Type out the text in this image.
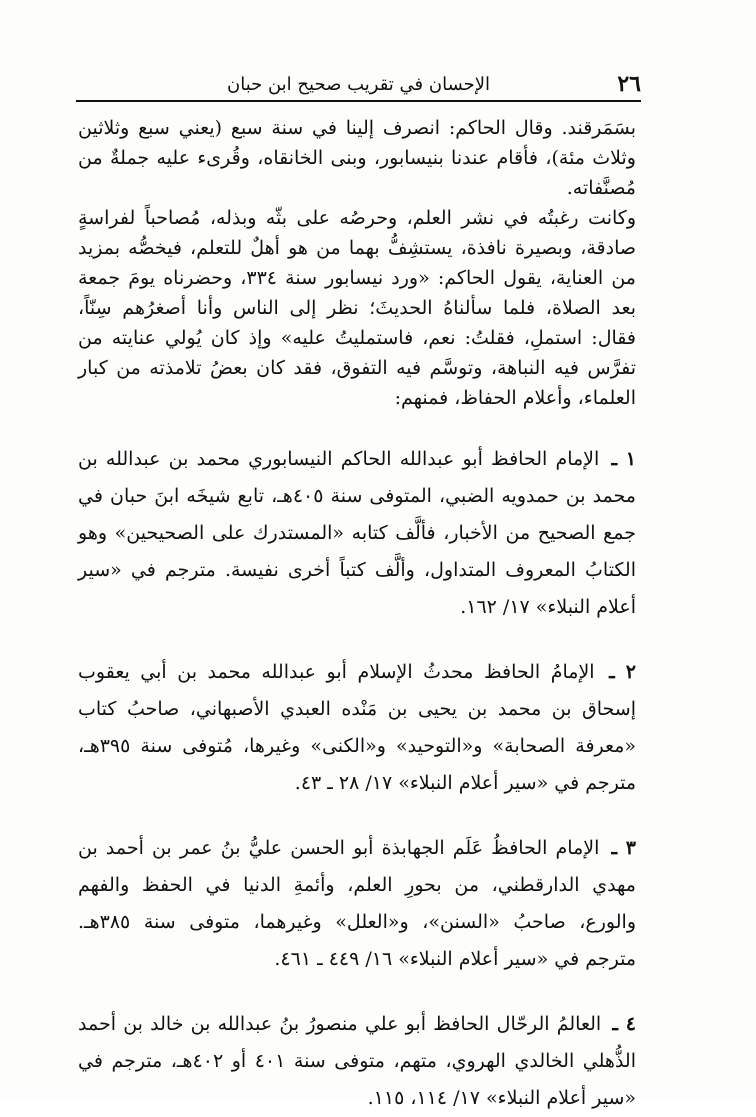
٢٦
الإحسان في تقريب صحيح ابن حبان

بسَمَرقند. وقال الحاكم: انصرف إلينا في سنة سبع (يعني سبع وثلاثين وثلاث مئة)، فأقام عندنا بنيسابور، وبنى الخانقاه، وقُرىء عليه جملةٌ من مُصنَّفاته.

وكانت رغبتُه في نشر العلم، وحرصُه على بثّه وبذله، مُصاحباً لفراسةٍ صادقة، وبصيرة نافذة، يستشِفُّ بهما من هو أهلٌ للتعلم، فيخصُّه بمزيد من العناية، يقول الحاكم: «ورد نيسابور سنة ٣٣٤، وحضرناه يومَ جمعة بعد الصلاة، فلما سألناهُ الحديثَ؛ نظر إلى الناس وأنا أصغرُهم سِنّاً، فقال: استملِ، فقلتُ: نعم، فاستمليتُ عليه» وإذ كان يُولي عنايته من تفرَّس فيه النباهة، وتوسَّم فيه التفوق، فقد كان بعضُ تلامذته من كبار العلماء، وأعلام الحفاظ، فمنهم:

١ ـ الإمام الحافظ أبو عبدالله الحاكم النيسابوري محمد بن عبدالله بن محمد بن حمدويه الضبي، المتوفى سنة ٤٠٥هـ، تابع شيخَه ابنَ حبان في جمع الصحيح من الأخبار، فألَّف كتابه «المستدرك على الصحيحين» وهو الكتابُ المعروف المتداول، وألَّف كتباً أخرى نفيسة. مترجم في «سير أعلام النبلاء» ١٧/ ١٦٢.

٢ ـ الإمامُ الحافظ محدثُ الإسلام أبو عبدالله محمد بن أبي يعقوب إسحاق بن محمد بن يحيى بن مَنْده العبدي الأصبهاني، صاحبُ كتاب «معرفة الصحابة» و«التوحيد» و«الكنى» وغيرها، مُتوفى سنة ٣٩٥هـ، مترجم في «سير أعلام النبلاء» ١٧/ ٢٨ ـ ٤٣.

٣ ـ الإمام الحافظُ عَلَم الجهابذة أبو الحسن عليُّ بنُ عمر بن أحمد بن مهدي الدارقطني، من بحورِ العلم، وأئمةِ الدنيا في الحفظ والفهم والورع، صاحبُ «السنن»، و«العلل» وغيرهما، متوفى سنة ٣٨٥هـ. مترجم في «سير أعلام النبلاء» ١٦/ ٤٤٩ ـ ٤٦١.

٤ ـ العالمُ الرحّال الحافظ أبو علي منصورُ بنُ عبدالله بن خالد بن أحمد الذُّهلي الخالدي الهروي، متهم، متوفى سنة ٤٠١ أو ٤٠٢هـ، مترجم في «سير أعلام النبلاء» ١٧/ ١١٤، ١١٥.
